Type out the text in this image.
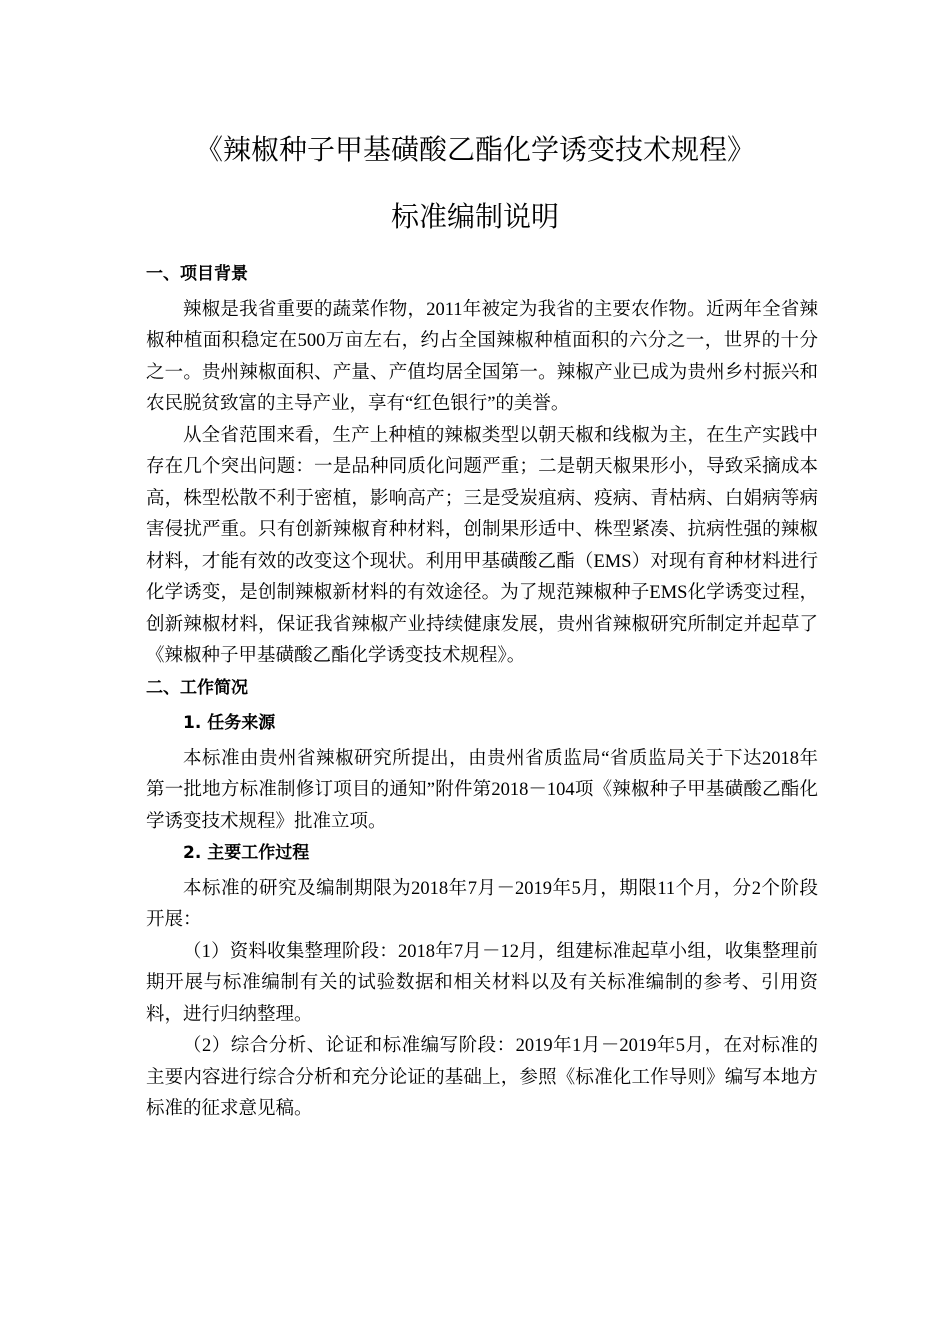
《辣椒种子甲基磺酸乙酯化学诱变技术规程》
标准编制说明
一、项目背景

辣椒是我省重要的蔬菜作物，2011年被定为我省的主要农作物。近两年全省辣椒种植面积稳定在500万亩左右，约占全国辣椒种植面积的六分之一，世界的十分之一。贵州辣椒面积、产量、产值均居全国第一。辣椒产业已成为贵州乡村振兴和农民脱贫致富的主导产业，享有“红色银行”的美誉。

从全省范围来看，生产上种植的辣椒类型以朝天椒和线椒为主，在生产实践中存在几个突出问题：一是品种同质化问题严重；二是朝天椒果形小，导致采摘成本高，株型松散不利于密植，影响高产；三是受炭疽病、疫病、青枯病、白娟病等病害侵扰严重。只有创新辣椒育种材料，创制果形适中、株型紧凑、抗病性强的辣椒材料，才能有效的改变这个现状。利用甲基磺酸乙酯（EMS）对现有育种材料进行化学诱变，是创制辣椒新材料的有效途径。为了规范辣椒种子EMS化学诱变过程，创新辣椒材料，保证我省辣椒产业持续健康发展，贵州省辣椒研究所制定并起草了《辣椒种子甲基磺酸乙酯化学诱变技术规程》。

二、工作简况
1. 任务来源

本标准由贵州省辣椒研究所提出，由贵州省质监局“省质监局关于下达2018年第一批地方标准制修订项目的通知”附件第2018－104项《辣椒种子甲基磺酸乙酯化学诱变技术规程》批准立项。

2. 主要工作过程

本标准的研究及编制期限为2018年7月－2019年5月，期限11个月，分2个阶段开展：

（1）资料收集整理阶段：2018年7月－12月，组建标准起草小组，收集整理前期开展与标准编制有关的试验数据和相关材料以及有关标准编制的参考、引用资料，进行归纳整理。

（2）综合分析、论证和标准编写阶段：2019年1月－2019年5月，在对标准的主要内容进行综合分析和充分论证的基础上，参照《标准化工作导则》编写本地方标准的征求意见稿。
